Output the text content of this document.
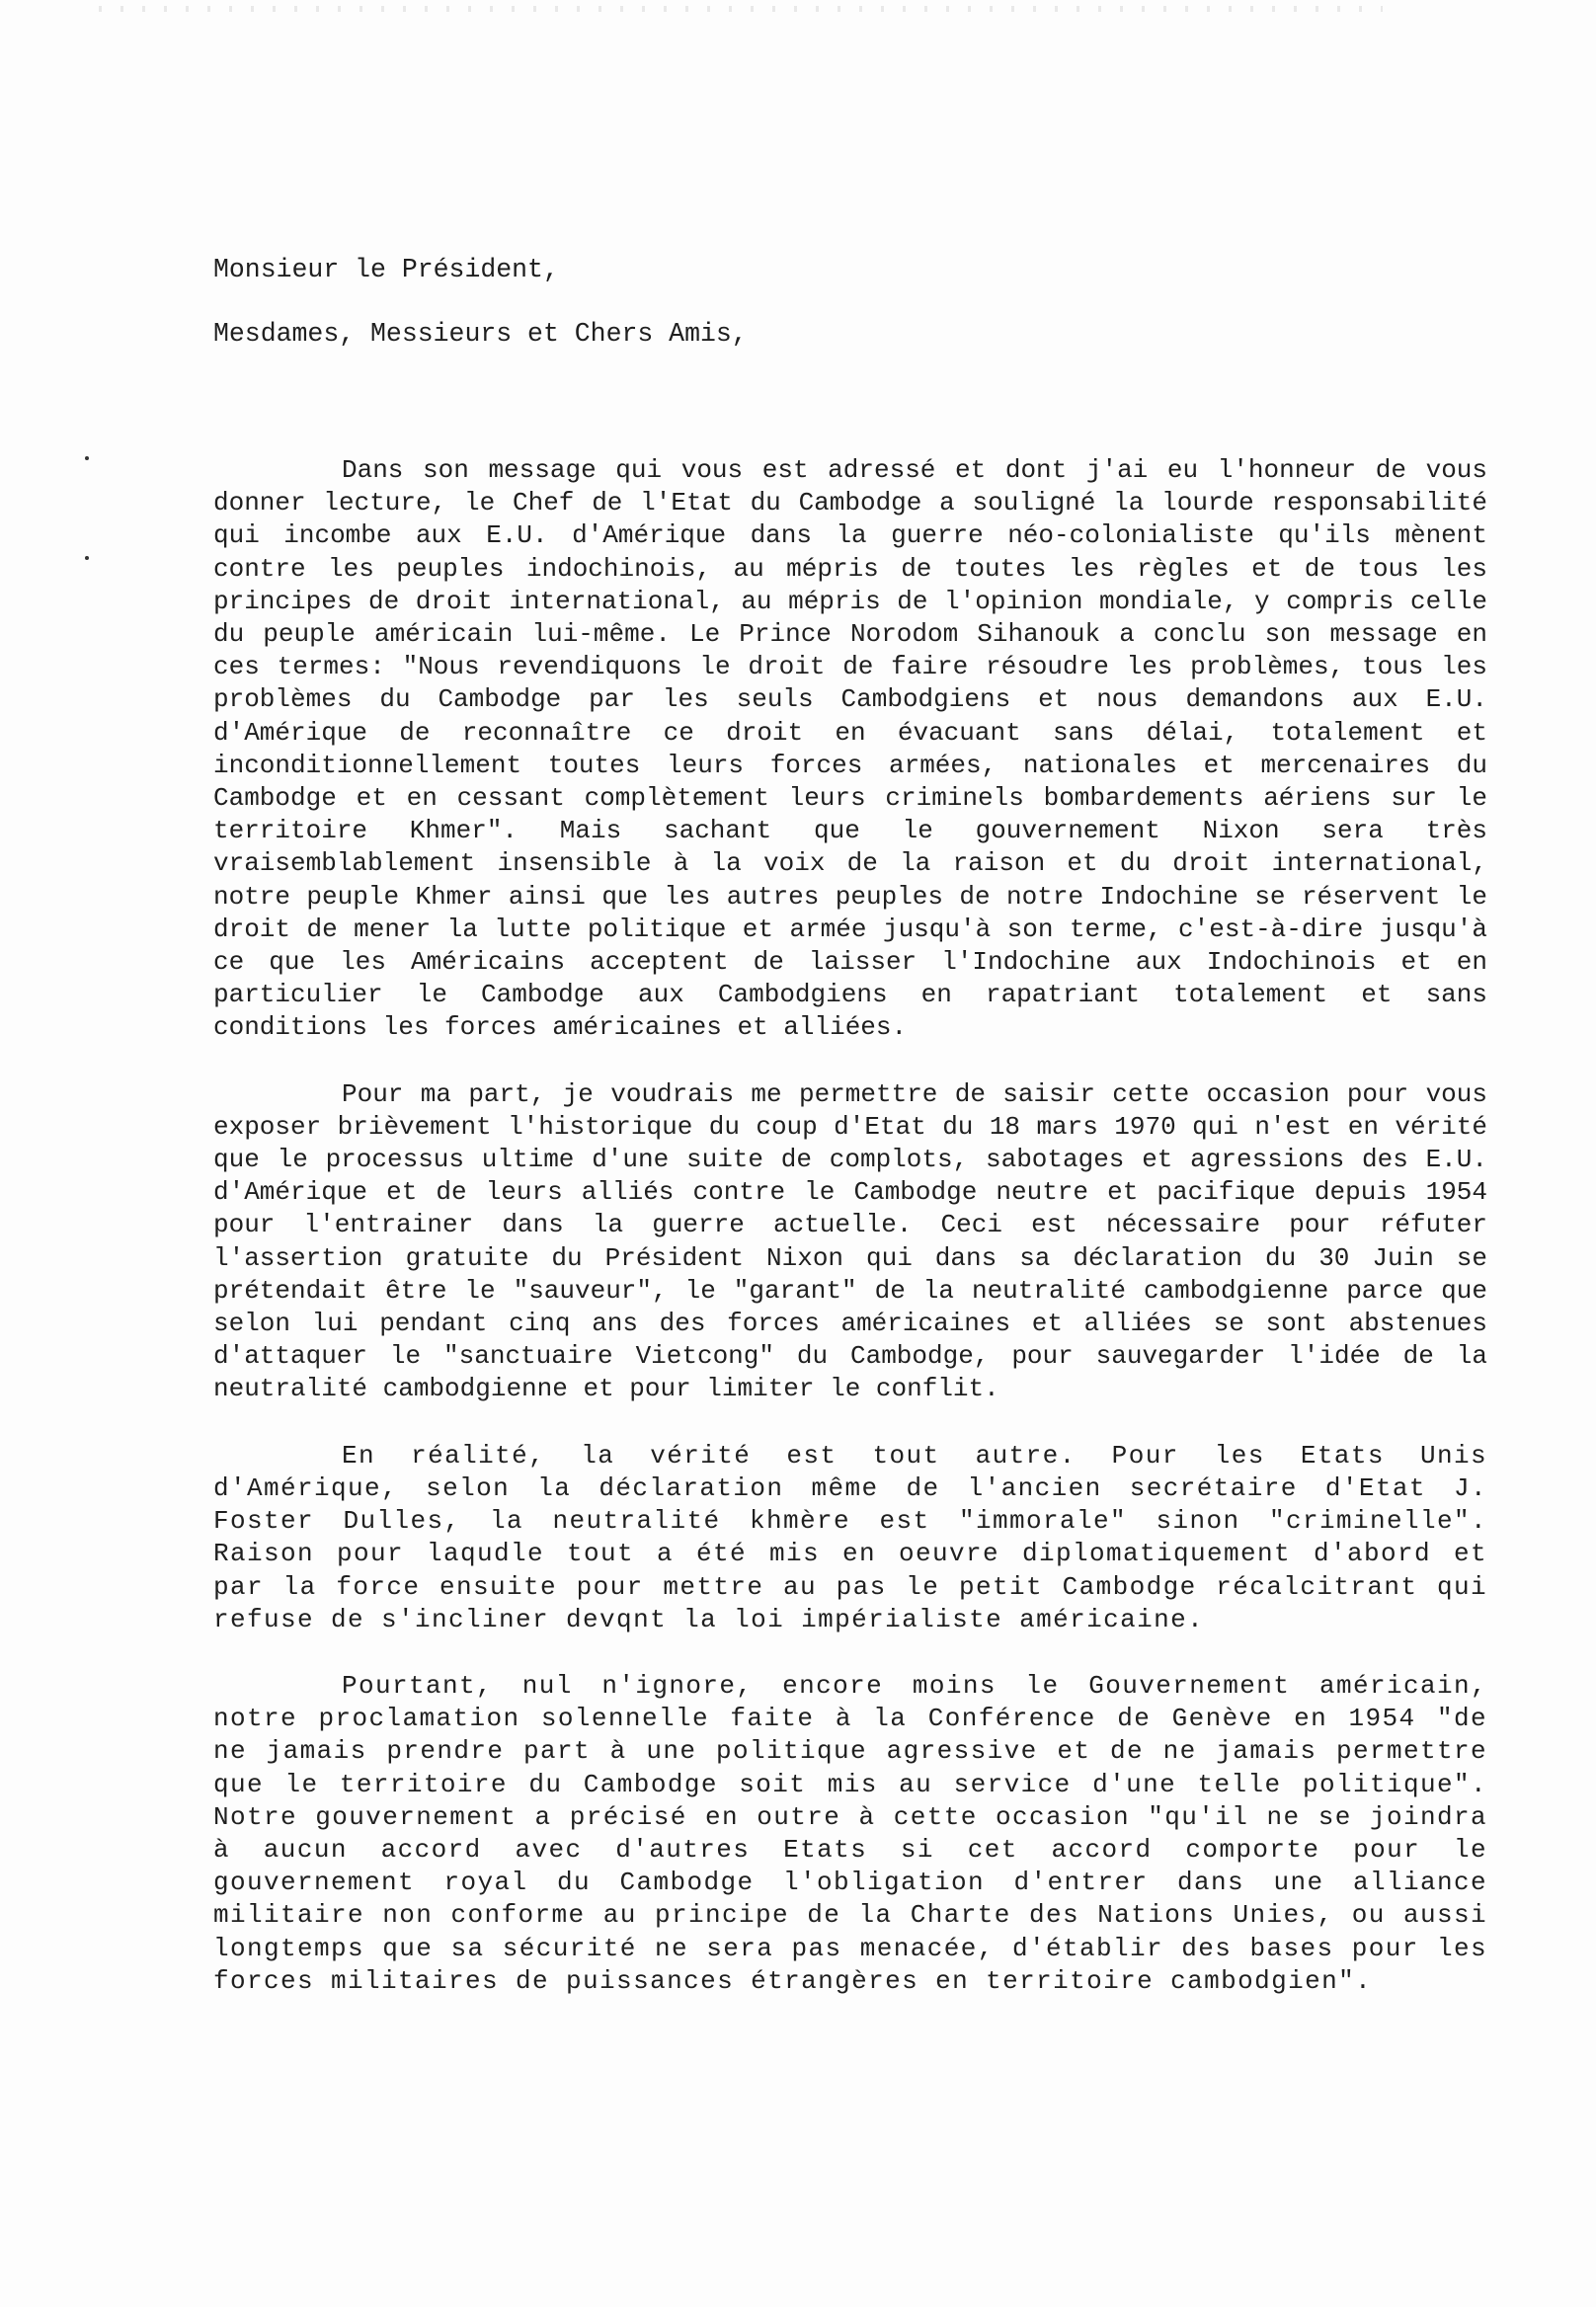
Monsieur le Président,
Mesdames, Messieurs et Chers Amis,

Dans son message qui vous est adressé et dont j'ai eu l'honneur de vous donner lecture, le Chef de l'Etat du Cambodge a souligné la lourde responsabilité qui incombe aux E.U. d'Amérique dans la guerre néo-colonialiste qu'ils mènent contre les peuples indochinois, au mépris de toutes les règles et de tous les principes de droit international, au mépris de l'opinion mondiale, y compris celle du peuple américain lui-même. Le Prince Norodom Sihanouk a conclu son message en ces termes: "Nous revendiquons le droit de faire résoudre les problèmes, tous les problèmes du Cambodge par les seuls Cambodgiens et nous demandons aux E.U. d'Amérique de reconnaître ce droit en évacuant sans délai, totalement et inconditionnellement toutes leurs forces armées, nationales et mercenaires du Cambodge et en cessant complètement leurs criminels bombardements aériens sur le territoire Khmer". Mais sachant que le gouvernement Nixon sera très vraisemblablement insensible à la voix de la raison et du droit international, notre peuple Khmer ainsi que les autres peuples de notre Indochine se réservent le droit de mener la lutte politique et armée jusqu'à son terme, c'est-à-dire jusqu'à ce que les Américains acceptent de laisser l'Indochine aux Indochinois et en particulier le Cambodge aux Cambodgiens en rapatriant totalement et sans conditions les forces américaines et alliées.

Pour ma part, je voudrais me permettre de saisir cette occasion pour vous exposer brièvement l'historique du coup d'Etat du 18 mars 1970 qui n'est en vérité que le processus ultime d'une suite de complots, sabotages et agressions des E.U. d'Amérique et de leurs alliés contre le Cambodge neutre et pacifique depuis 1954 pour l'entrainer dans la guerre actuelle. Ceci est nécessaire pour réfuter l'assertion gratuite du Président Nixon qui dans sa déclaration du 30 Juin se prétendait être le "sauveur", le "garant" de la neutralité cambodgienne parce que selon lui pendant cinq ans des forces américaines et alliées se sont abstenues d'attaquer le "sanctuaire Vietcong" du Cambodge, pour sauvegarder l'idée de la neutralité cambodgienne et pour limiter le conflit.

En réalité, la vérité est tout autre. Pour les Etats Unis d'Amérique, selon la déclaration même de l'ancien secrétaire d'Etat J. Foster Dulles, la neutralité khmère est "immorale" sinon "criminelle". Raison pour laqudle tout a été mis en oeuvre diplomatiquement d'abord et par la force ensuite pour mettre au pas le petit Cambodge récalcitrant qui refuse de s'incliner devqnt la loi impérialiste américaine.

Pourtant, nul n'ignore, encore moins le Gouvernement américain, notre proclamation solennelle faite à la Conférence de Genève en 1954 "de ne jamais prendre part à une politique agressive et de ne jamais permettre que le territoire du Cambodge soit mis au service d'une telle politique". Notre gouvernement a précisé en outre à cette occasion "qu'il ne se joindra à aucun accord avec d'autres Etats si cet accord comporte pour le gouvernement royal du Cambodge l'obligation d'entrer dans une alliance militaire non conforme au principe de la Charte des Nations Unies, ou aussi longtemps que sa sécurité ne sera pas menacée, d'établir des bases pour les forces militaires de puissances étrangères en territoire cambodgien".
